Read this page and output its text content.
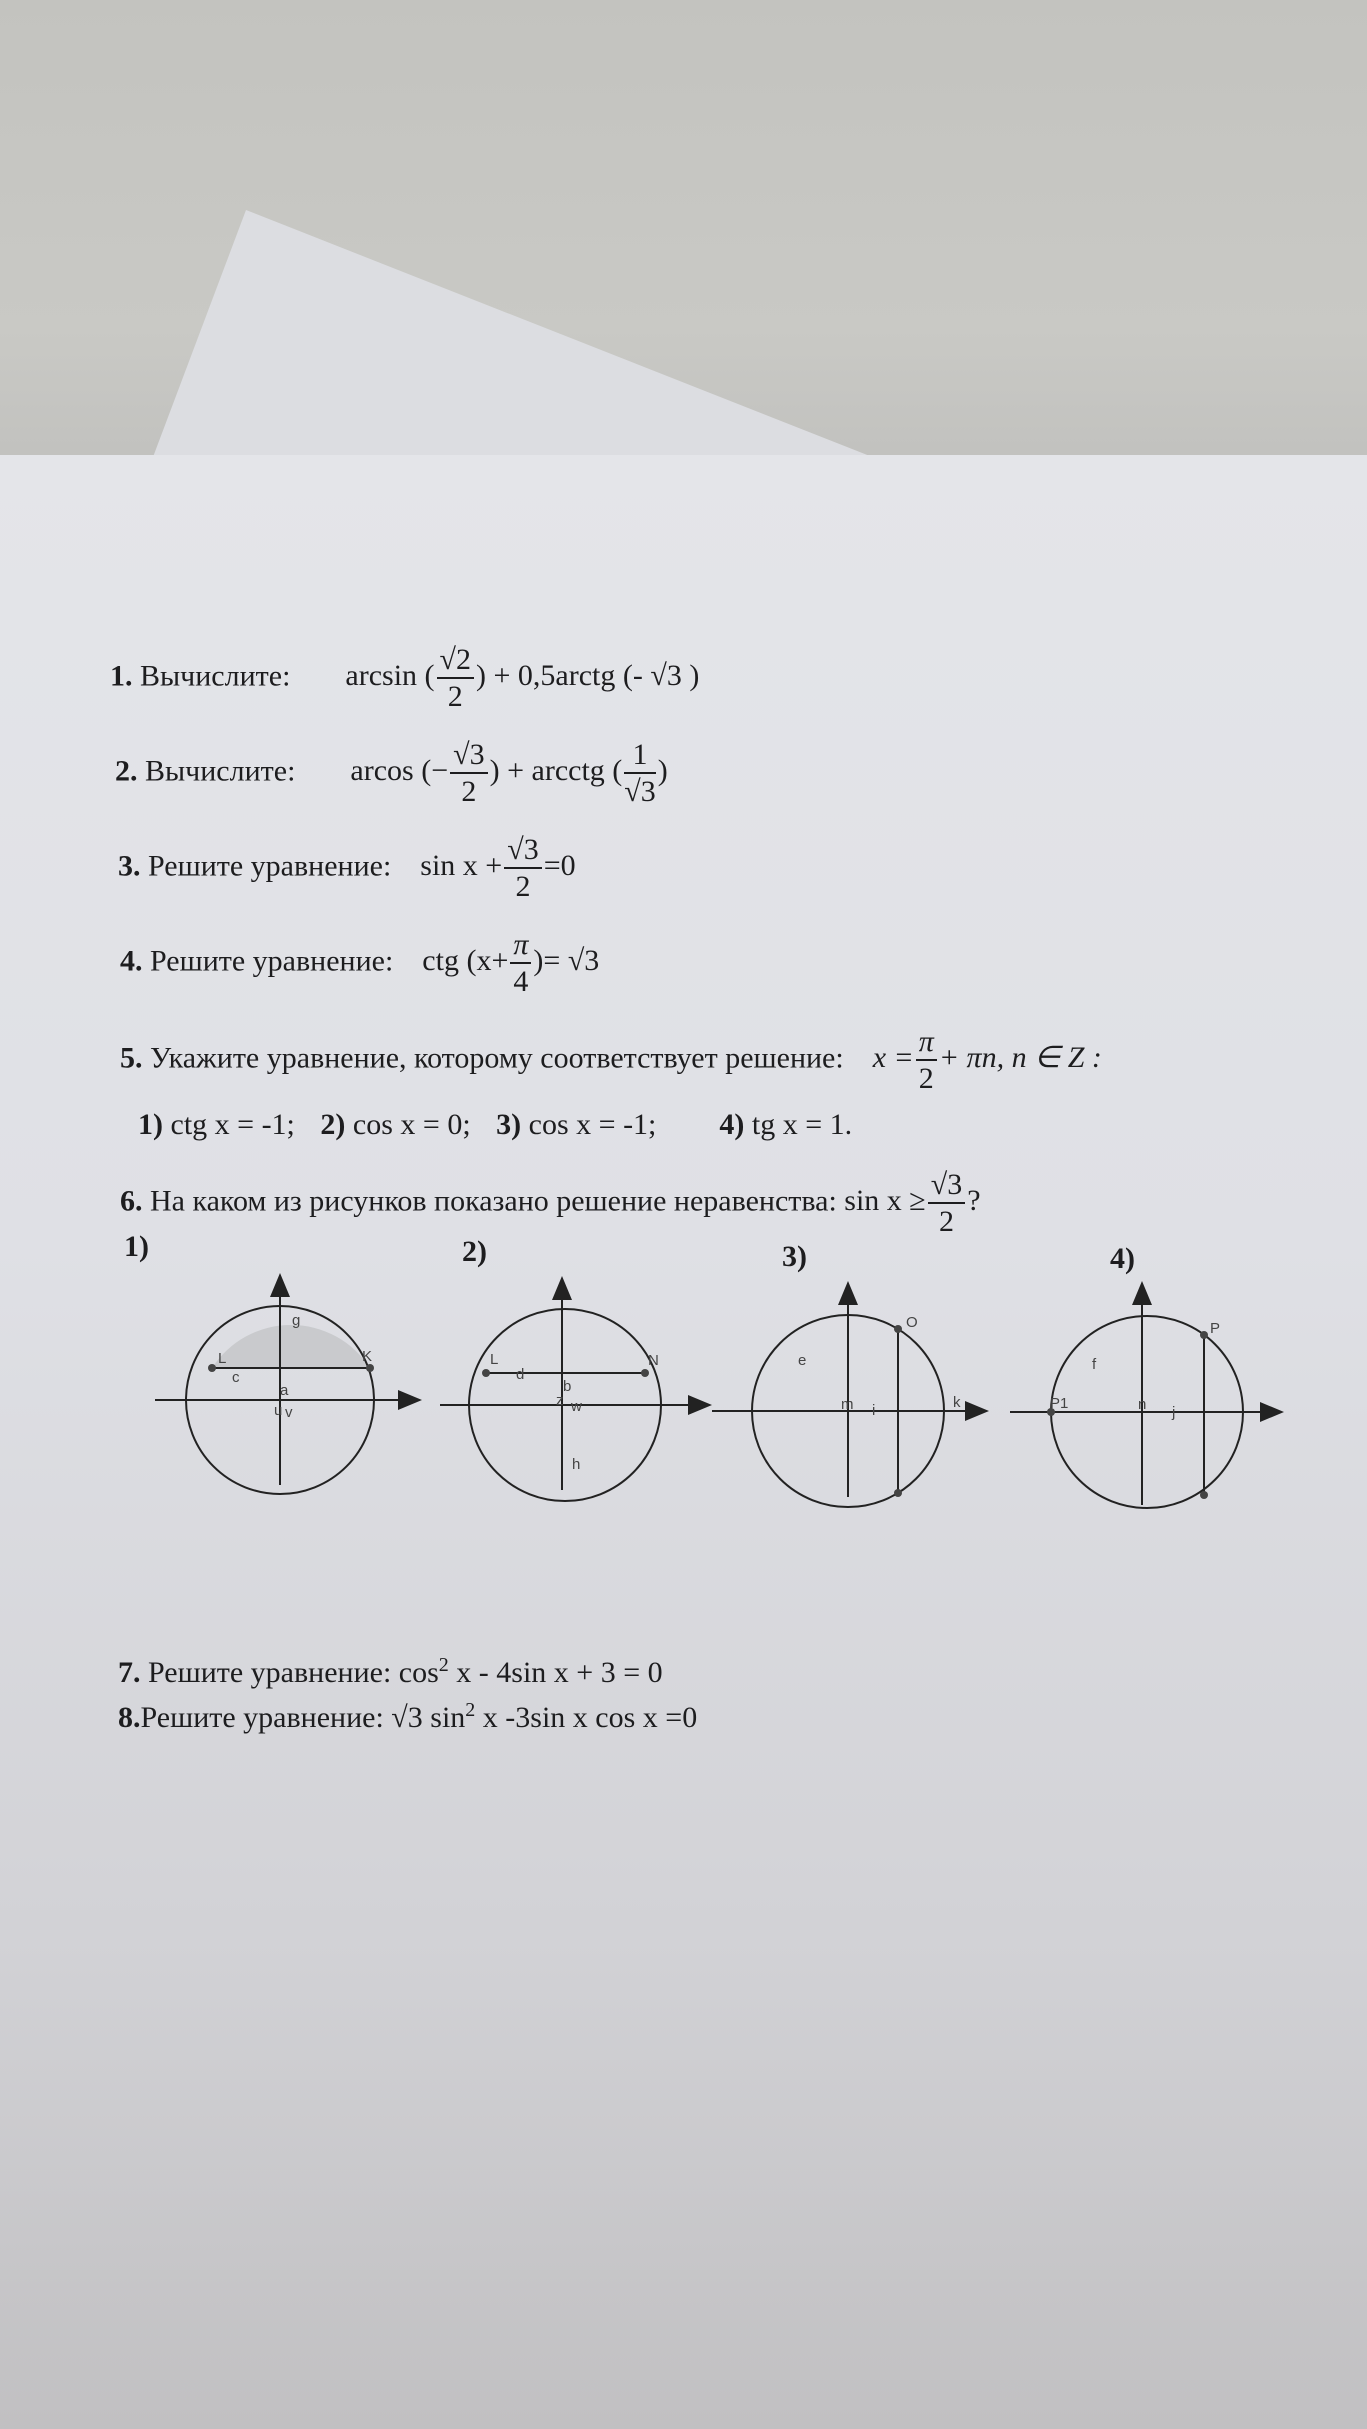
1. Вычислите: arcsin ( $\frac{√2}{2}$ ) + 0,5arctg (- √3 )
2. Вычислите: arcos (− $\frac{√3}{2}$ ) + arcctg ( $\frac{1}{√3}$ )
3. Решите уравнение: $\sin x + \frac{√3}{2} =0$
4. Решите уравнение: ctg ($x+ \frac{\pi}{4}$ )= √3
5. Укажите уравнение, которому соответствует решение: $x = \frac{\pi}{2} + \pi n$, n ∈ Z :
1) ctg x = -1; 2) cos x = 0; 3) cos x = -1; 4) tg x = 1.
6. На каком из рисунков показано решение неравенства: $\sin x \ge \frac{√3}{2}$ ?
1)	2)	3)	4)
L	K
a
c
g
v
u
L	N
d
b
z w
h
O
e
m i	k	P1
P
f
n j
7. Решите уравнение: $\cos^2 x - 4\sin$ x + 3 = 0
8.Решите уравнение: √3 $\sin^2 x$ -3sin x cos x =0
